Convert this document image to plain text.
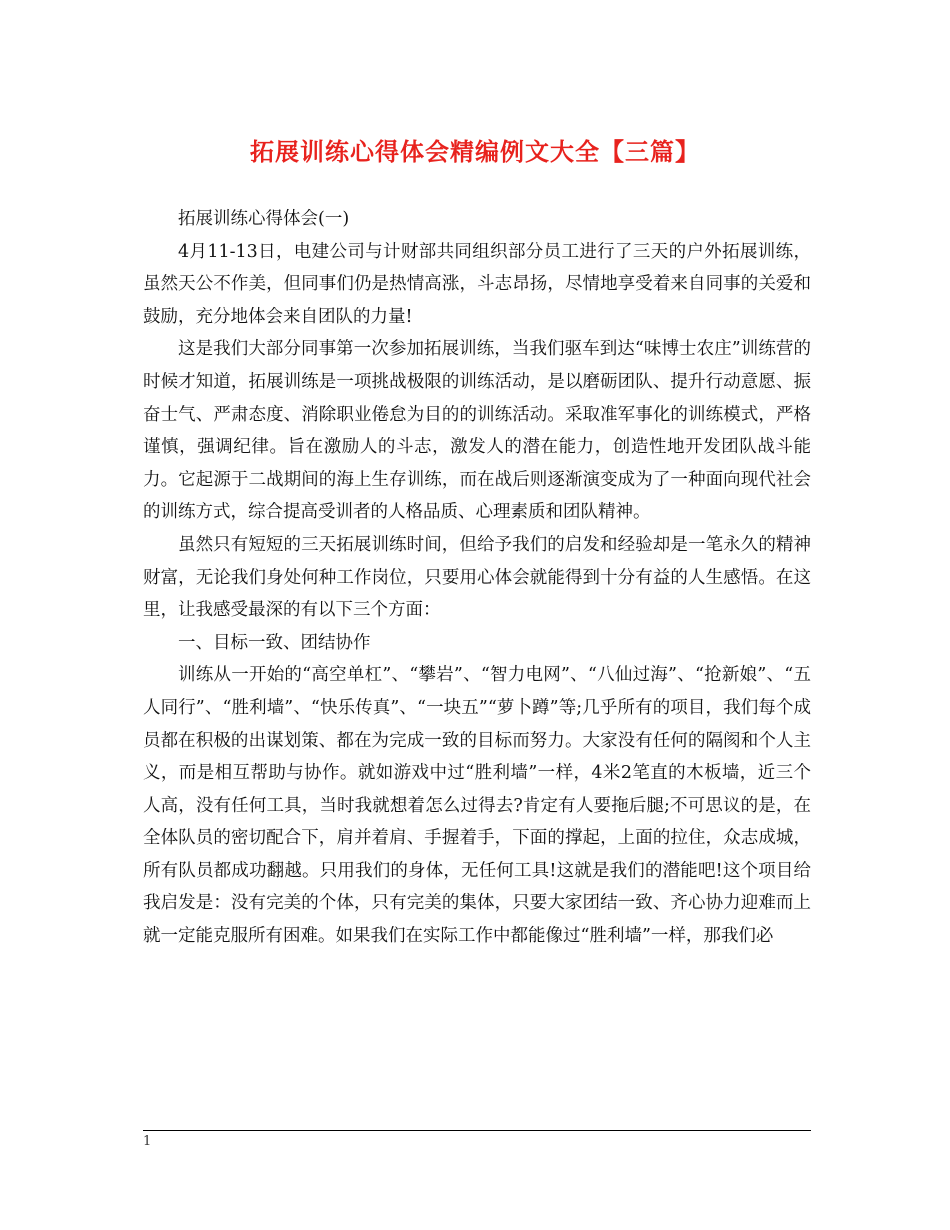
拓展训练心得体会精编例文大全【三篇】

拓展训练心得体会(一)

4月11-13日，电建公司与计财部共同组织部分员工进行了三天的户外拓展训练，虽然天公不作美，但同事们仍是热情高涨，斗志昂扬，尽情地享受着来自同事的关爱和鼓励，充分地体会来自团队的力量!

这是我们大部分同事第一次参加拓展训练，当我们驱车到达“味博士农庄”训练营的时候才知道，拓展训练是一项挑战极限的训练活动，是以磨砺团队、提升行动意愿、振奋士气、严肃态度、消除职业倦怠为目的的训练活动。采取准军事化的训练模式，严格谨慎，强调纪律。旨在激励人的斗志，激发人的潜在能力，创造性地开发团队战斗能力。它起源于二战期间的海上生存训练，而在战后则逐渐演变成为了一种面向现代社会的训练方式，综合提高受训者的人格品质、心理素质和团队精神。

虽然只有短短的三天拓展训练时间，但给予我们的启发和经验却是一笔永久的精神财富，无论我们身处何种工作岗位，只要用心体会就能得到十分有益的人生感悟。在这里，让我感受最深的有以下三个方面：

一、目标一致、团结协作

训练从一开始的“高空单杠”、“攀岩”、“智力电网”、“八仙过海”、“抢新娘”、“五人同行”、“胜利墙”、“快乐传真”、“一块五”“萝卜蹲”等;几乎所有的项目，我们每个成员都在积极的出谋划策、都在为完成一致的目标而努力。大家没有任何的隔阂和个人主义，而是相互帮助与协作。就如游戏中过“胜利墙”一样，4米2笔直的木板墙，近三个人高，没有任何工具，当时我就想着怎么过得去?肯定有人要拖后腿;不可思议的是，在全体队员的密切配合下，肩并着肩、手握着手，下面的撑起，上面的拉住，众志成城，所有队员都成功翻越。只用我们的身体，无任何工具!这就是我们的潜能吧!这个项目给我启发是：没有完美的个体，只有完美的集体，只要大家团结一致、齐心协力迎难而上就一定能克服所有困难。如果我们在实际工作中都能像过“胜利墙”一样，那我们必

1
